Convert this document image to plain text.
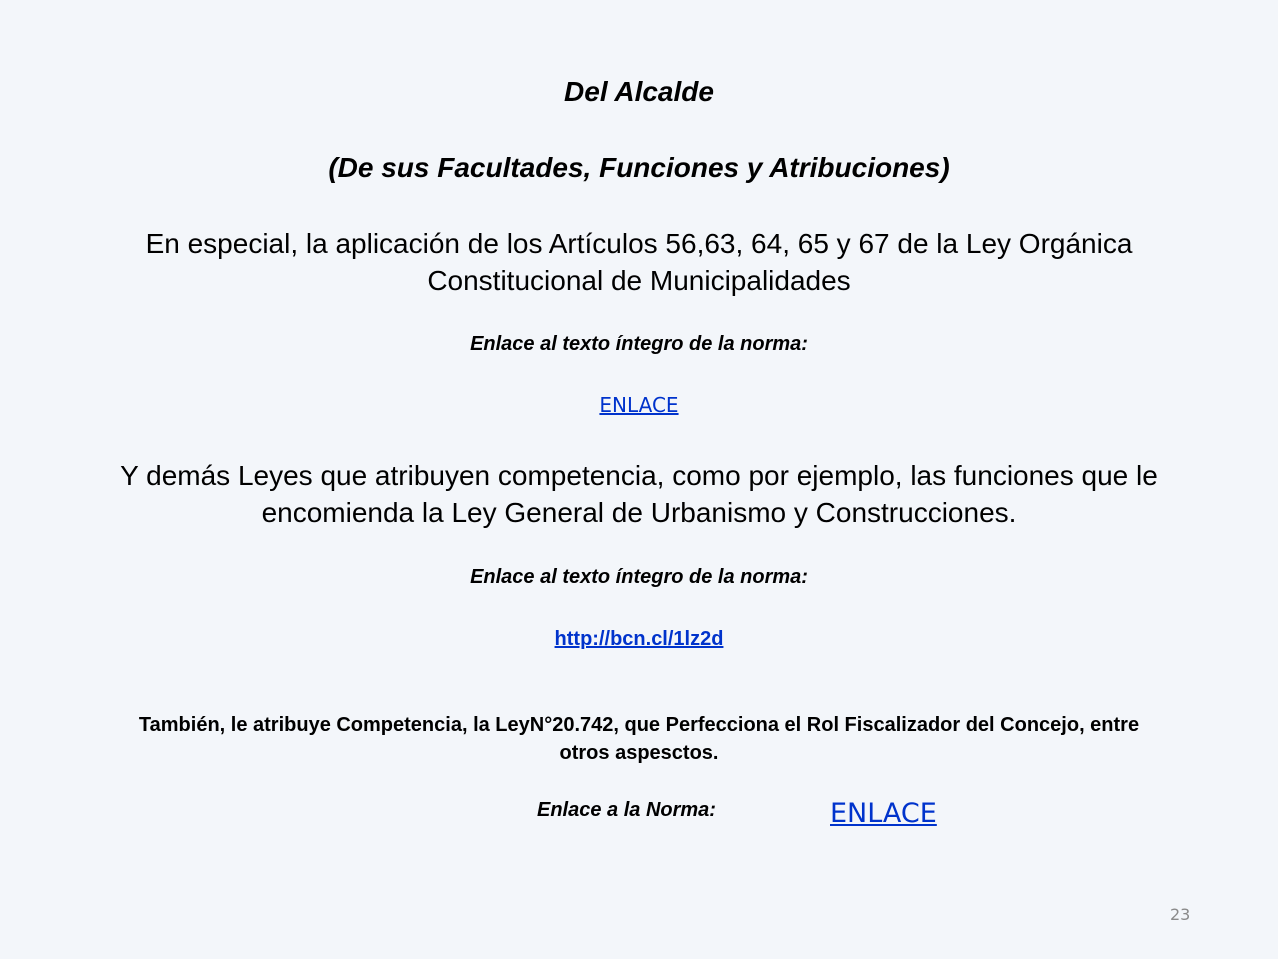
Del Alcalde
(De sus Facultades, Funciones y Atribuciones)
En especial, la aplicación de los Artículos 56,63, 64, 65 y 67 de la Ley Orgánica
Constitucional de Municipalidades
Enlace al texto íntegro de la norma:
ENLACE
Y demás Leyes que atribuyen competencia, como por ejemplo, las funciones que le
encomienda la Ley General de Urbanismo y Construcciones.
Enlace al texto íntegro de la norma:
http://bcn.cl/1lz2d
También, le atribuye Competencia, la LeyN°20.742, que Perfecciona el Rol Fiscalizador del Concejo, entre
otros aspesctos.
Enlace a la Norma:	ENLACE
23
